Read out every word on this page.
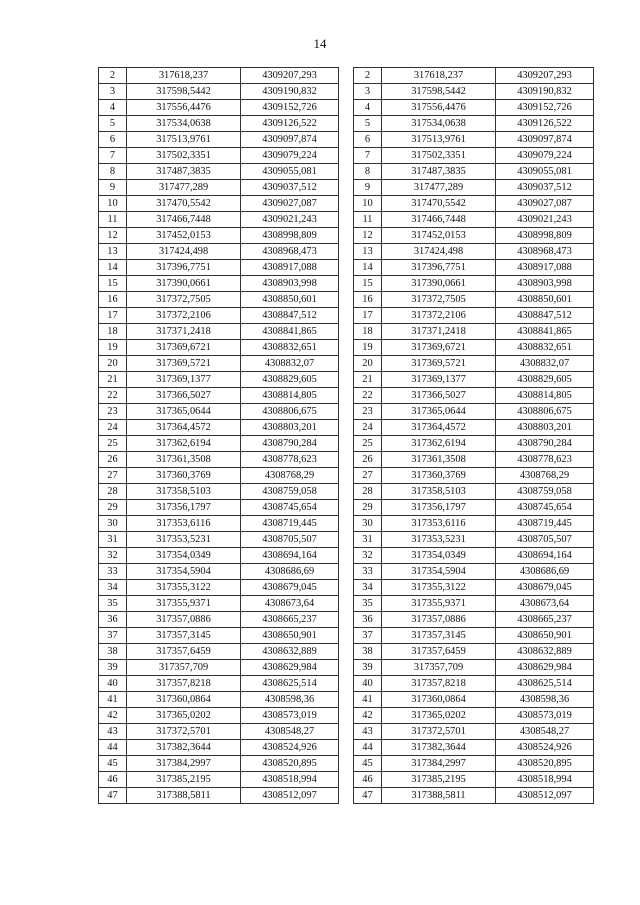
14
2	317618,237	4309207,293
3	317598,5442	4309190,832
4	317556,4476	4309152,726
5	317534,0638	4309126,522
6	317513,9761	4309097,874
7	317502,3351	4309079,224
8	317487,3835	4309055,081
9	317477,289	4309037,512
10	317470,5542	4309027,087
11	317466,7448	4309021,243
12	317452,0153	4308998,809
13	317424,498	4308968,473
14	317396,7751	4308917,088
15	317390,0661	4308903,998
16	317372,7505	4308850,601
17	317372,2106	4308847,512
18	317371,2418	4308841,865
19	317369,6721	4308832,651
20	317369,5721	4308832,07
21	317369,1377	4308829,605
22	317366,5027	4308814,805
23	317365,0644	4308806,675
24	317364,4572	4308803,201
25	317362,6194	4308790,284
26	317361,3508	4308778,623
27	317360,3769	4308768,29
28	317358,5103	4308759,058
29	317356,1797	4308745,654
30	317353,6116	4308719,445
31	317353,5231	4308705,507
32	317354,0349	4308694,164
33	317354,5904	4308686,69
34	317355,3122	4308679,045
35	317355,9371	4308673,64
36	317357,0886	4308665,237
37	317357,3145	4308650,901
38	317357,6459	4308632,889
39	317357,709	4308629,984
40	317357,8218	4308625,514
41	317360,0864	4308598,36
42	317365,0202	4308573,019
43	317372,5701	4308548,27
44	317382,3644	4308524,926
45	317384,2997	4308520,895
46	317385,2195	4308518,994
47	317388,5811	4308512,097
2	317618,237	4309207,293
3	317598,5442	4309190,832
4	317556,4476	4309152,726
5	317534,0638	4309126,522
6	317513,9761	4309097,874
7	317502,3351	4309079,224
8	317487,3835	4309055,081
9	317477,289	4309037,512
10	317470,5542	4309027,087
11	317466,7448	4309021,243
12	317452,0153	4308998,809
13	317424,498	4308968,473
14	317396,7751	4308917,088
15	317390,0661	4308903,998
16	317372,7505	4308850,601
17	317372,2106	4308847,512
18	317371,2418	4308841,865
19	317369,6721	4308832,651
20	317369,5721	4308832,07
21	317369,1377	4308829,605
22	317366,5027	4308814,805
23	317365,0644	4308806,675
24	317364,4572	4308803,201
25	317362,6194	4308790,284
26	317361,3508	4308778,623
27	317360,3769	4308768,29
28	317358,5103	4308759,058
29	317356,1797	4308745,654
30	317353,6116	4308719,445
31	317353,5231	4308705,507
32	317354,0349	4308694,164
33	317354,5904	4308686,69
34	317355,3122	4308679,045
35	317355,9371	4308673,64
36	317357,0886	4308665,237
37	317357,3145	4308650,901
38	317357,6459	4308632,889
39	317357,709	4308629,984
40	317357,8218	4308625,514
41	317360,0864	4308598,36
42	317365,0202	4308573,019
43	317372,5701	4308548,27
44	317382,3644	4308524,926
45	317384,2997	4308520,895
46	317385,2195	4308518,994
47	317388,5811	4308512,097
